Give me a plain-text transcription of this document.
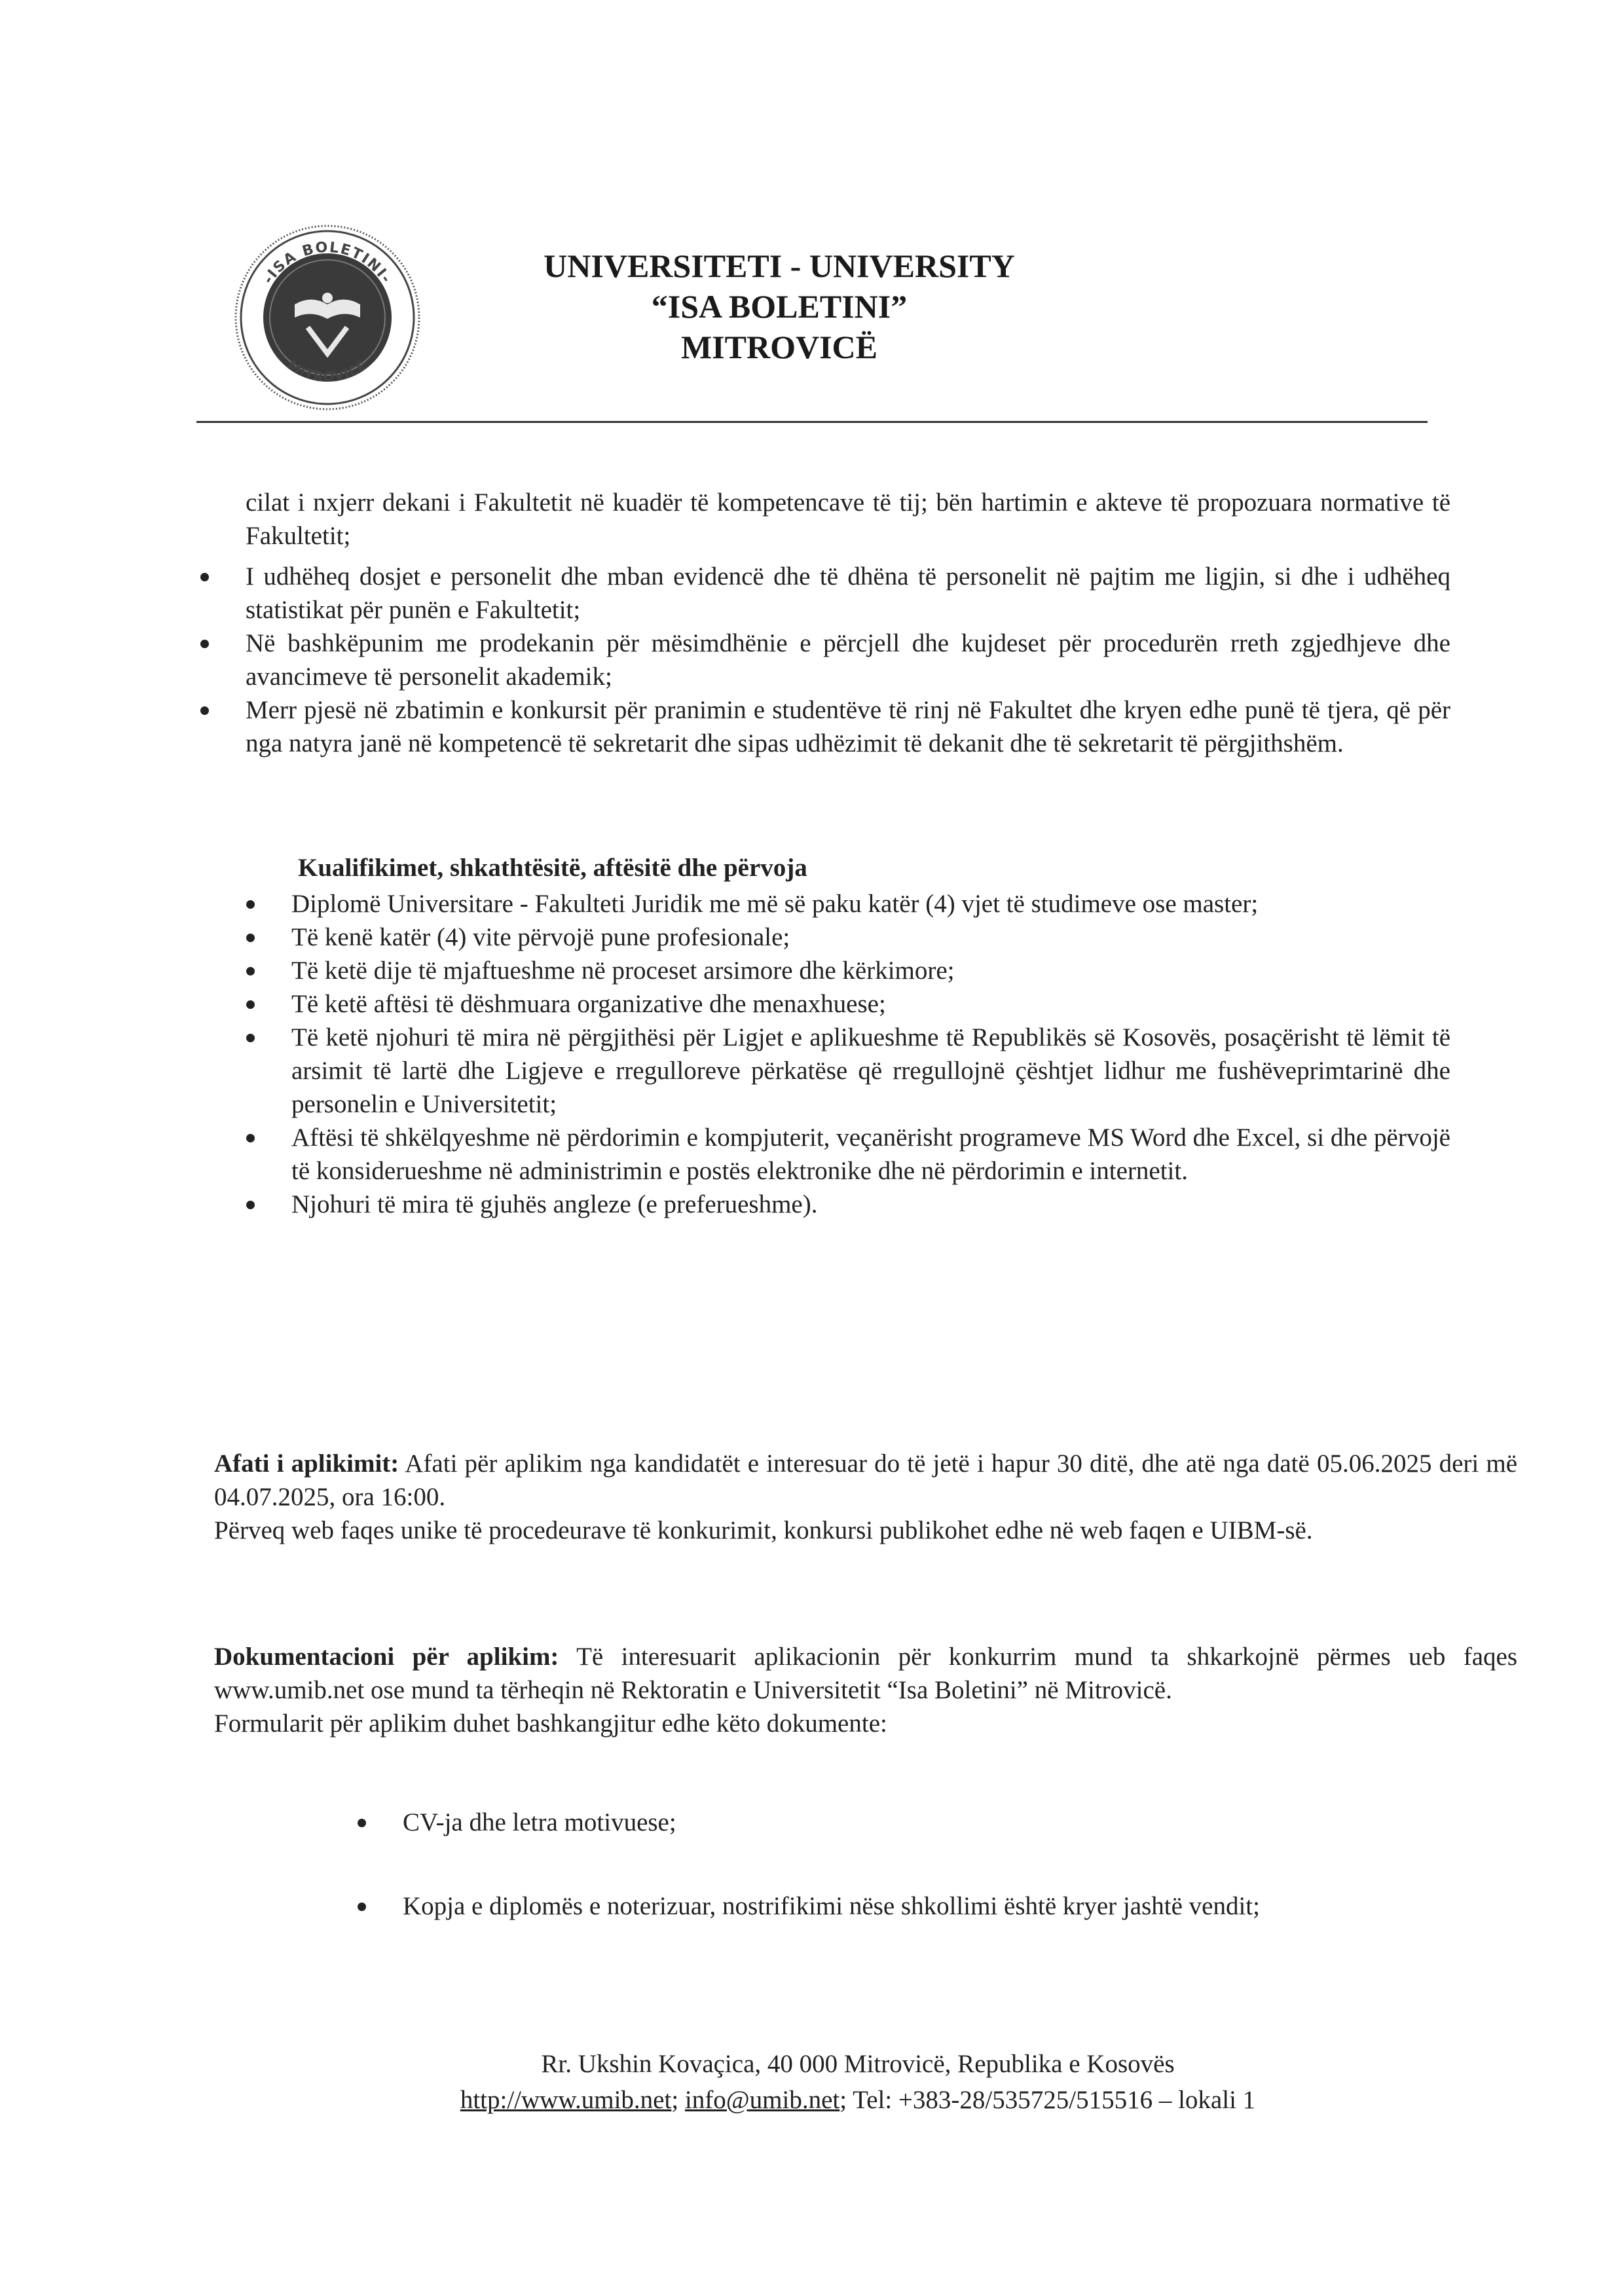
-ISA BOLETINI-
☆ MITROVICË ☆
UNIVERSITETI - UNIVERSITY
“ISA BOLETINI”
MITROVICË

cilat i nxjerr dekani i Fakultetit në kuadër të kompetencave të tij; bën hartimin e akteve të propozuara normative të Fakultetit;

I udhëheq dosjet e personelit dhe mban evidencë dhe të dhëna të personelit në pajtim me ligjin, si dhe i udhëheq statistikat për punën e Fakultetit;
Në bashkëpunim me prodekanin për mësimdhënie e përcjell dhe kujdeset për procedurën rreth zgjedhjeve dhe avancimeve të personelit akademik;
Merr pjesë në zbatimin e konkursit për pranimin e studentëve të rinj në Fakultet dhe kryen edhe punë të tjera, që për nga natyra janë në kompetencë të sekretarit dhe sipas udhëzimit të dekanit dhe të sekretarit të përgjithshëm.
Kualifikimet, shkathtësitë, aftësitë dhe përvoja
Diplomë Universitare - Fakulteti Juridik me më së paku katër (4) vjet të studimeve ose master;
Të kenë katër (4) vite përvojë pune profesionale;
Të ketë dije të mjaftueshme në proceset arsimore dhe kërkimore;
Të ketë aftësi të dëshmuara organizative dhe menaxhuese;
Të ketë njohuri të mira në përgjithësi për Ligjet e aplikueshme të Republikës së Kosovës, posaçërisht të lëmit të arsimit të lartë dhe Ligjeve e rregulloreve përkatëse që rregullojnë çështjet lidhur me fushëveprimtarinë dhe personelin e Universitetit;
Aftësi të shkëlqyeshme në përdorimin e kompjuterit, veçanërisht programeve MS Word dhe Excel, si dhe përvojë të konsiderueshme në administrimin e postës elektronike dhe në përdorimin e internetit.
Njohuri të mira të gjuhës angleze (e preferueshme).

Afati i aplikimit: Afati për aplikim nga kandidatët e interesuar do të jetë i hapur 30 ditë, dhe atë nga datë 05.06.2025 deri më 04.07.2025, ora 16:00.

Përveq web faqes unike të procedeurave të konkurimit, konkursi publikohet edhe në web faqen e UIBM-së.

Dokumentacioni për aplikim: Të interesuarit aplikacionin për konkurrim mund ta shkarkojnë përmes ueb faqes www.umib.net ose mund ta tërheqin në Rektoratin e Universitetit “Isa Boletini” në Mitrovicë.

Formularit për aplikim duhet bashkangjitur edhe këto dokumente:

CV-ja dhe letra motivuese;
Kopja e diplomës e noterizuar, nostrifikimi nëse shkollimi është kryer jashtë vendit;
Rr. Ukshin Kovaçica, 40 000 Mitrovicë, Republika e Kosovës
http://www.umib.net; info@umib.net; Tel: +383-28/535725/515516 – lokali 1
